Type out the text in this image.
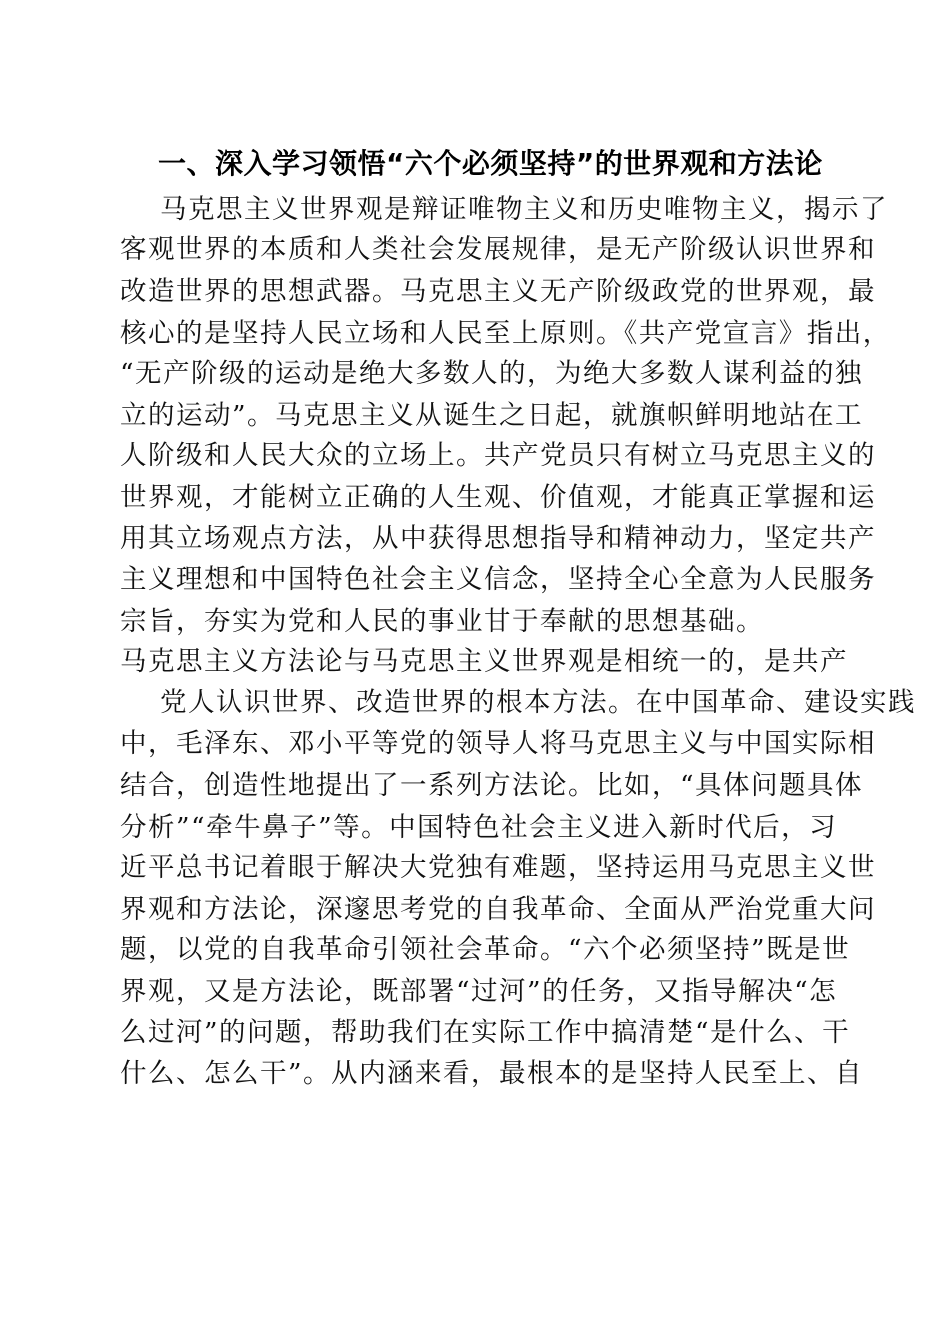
一、深入学习领悟“六个必须坚持”的世界观和方法论
马克思主义世界观是辩证唯物主义和历史唯物主义，揭示了
客观世界的本质和人类社会发展规律，是无产阶级认识世界和
改造世界的思想武器。马克思主义无产阶级政党的世界观，最
核心的是坚持人民立场和人民至上原则。《共产党宣言》指出，
“无产阶级的运动是绝大多数人的，为绝大多数人谋利益的独
立的运动”。马克思主义从诞生之日起，就旗帜鲜明地站在工
人阶级和人民大众的立场上。共产党员只有树立马克思主义的
世界观，才能树立正确的人生观、价值观，才能真正掌握和运
用其立场观点方法，从中获得思想指导和精神动力，坚定共产
主义理想和中国特色社会主义信念，坚持全心全意为人民服务
宗旨，夯实为党和人民的事业甘于奉献的思想基础。
马克思主义方法论与马克思主义世界观是相统一的，是共产
党人认识世界、改造世界的根本方法。在中国革命、建设实践
中，毛泽东、邓小平等党的领导人将马克思主义与中国实际相
结合，创造性地提出了一系列方法论。比如，“具体问题具体
分析”“牵牛鼻子”等。中国特色社会主义进入新时代后，习
近平总书记着眼于解决大党独有难题，坚持运用马克思主义世
界观和方法论，深邃思考党的自我革命、全面从严治党重大问
题，以党的自我革命引领社会革命。“六个必须坚持”既是世
界观，又是方法论，既部署“过河”的任务，又指导解决“怎
么过河”的问题，帮助我们在实际工作中搞清楚“是什么、干
什么、怎么干”。从内涵来看，最根本的是坚持人民至上、自
